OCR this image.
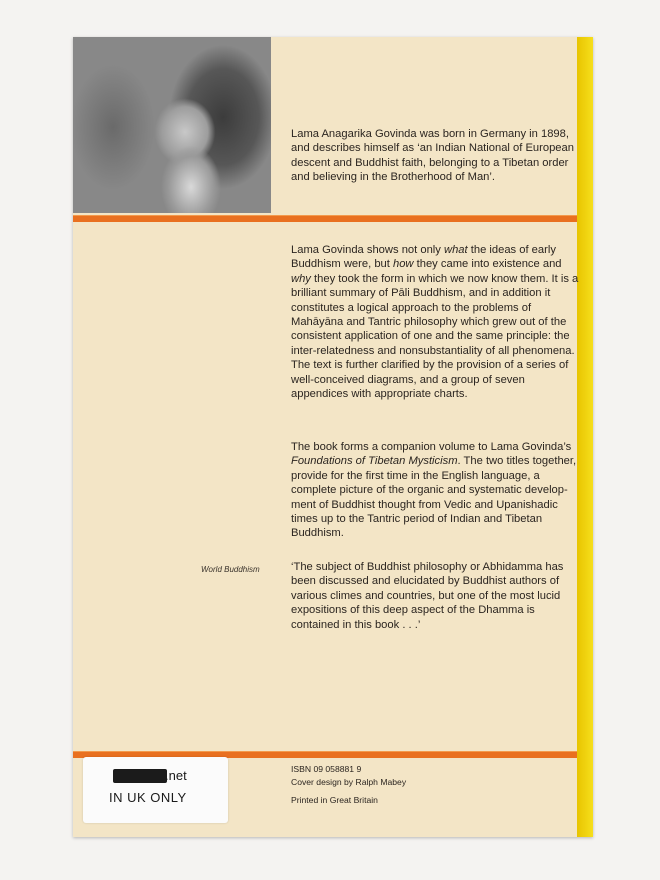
Lama Anagarika Govinda was born in Germany in 1898, and describes himself as ‘an Indian National of European descent and Buddhist faith, belonging to a Tibetan order and believing in the Brotherhood of Man’.

Lama Govinda shows not only what the ideas of early Buddhism were, but how they came into existence and why they took the form in which we now know them. It is a brilliant summary of Pāli Buddhism, and in addition it constitutes a logical approach to the problems of Mahāyāna and Tantric philosophy which grew out of the consistent application of one and the same principle: the inter-relatedness and nonsubstantiality of all phenomena. The text is further clarified by the provision of a series of well-conceived diagrams, and a group of seven appendices with appropriate charts.

The book forms a companion volume to Lama Govinda’s Foundations of Tibetan Mysticism. The two titles together, provide for the first time in the English language, a complete picture of the organic and systematic development of Buddhist thought from Vedic and Upanishadic times up to the Tantric period of Indian and Tibetan Buddhism.

World Buddhism	‘The subject of Buddhist philosophy or Abhidamma has been discussed and elucidated by Buddhist authors of various climes and countries, but one of the most lucid expositions of this deep aspect of the Dhamma is contained in this book . . .’

.net
IN UK ONLY
ISBN 09 058881 9
Cover design by Ralph Mabey
Printed in Great Britain
